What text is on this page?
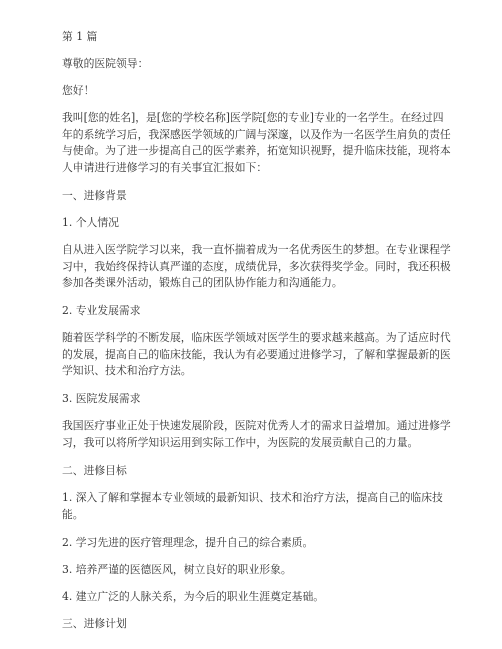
第 1 篇

尊敬的医院领导：

您好！

我叫[您的姓名]，是[您的学校名称]医学院[您的专业]专业的一名学生。在经过四
年的系统学习后，我深感医学领域的广阔与深邃，以及作为一名医学生肩负的责任
与使命。为了进一步提高自己的医学素养，拓宽知识视野，提升临床技能，现将本
人申请进行进修学习的有关事宜汇报如下：

一、进修背景

1. 个人情况

自从进入医学院学习以来，我一直怀揣着成为一名优秀医生的梦想。在专业课程学
习中，我始终保持认真严谨的态度，成绩优异，多次获得奖学金。同时，我还积极
参加各类课外活动，锻炼自己的团队协作能力和沟通能力。

2. 专业发展需求

随着医学科学的不断发展，临床医学领域对医学生的要求越来越高。为了适应时代
的发展，提高自己的临床技能，我认为有必要通过进修学习，了解和掌握最新的医
学知识、技术和治疗方法。

3. 医院发展需求

我国医疗事业正处于快速发展阶段，医院对优秀人才的需求日益增加。通过进修学
习，我可以将所学知识运用到实际工作中，为医院的发展贡献自己的力量。

二、进修目标

1. 深入了解和掌握本专业领域的最新知识、技术和治疗方法，提高自己的临床技
能。

2. 学习先进的医疗管理理念，提升自己的综合素质。

3. 培养严谨的医德医风，树立良好的职业形象。

4. 建立广泛的人脉关系，为今后的职业生涯奠定基础。

三、进修计划
